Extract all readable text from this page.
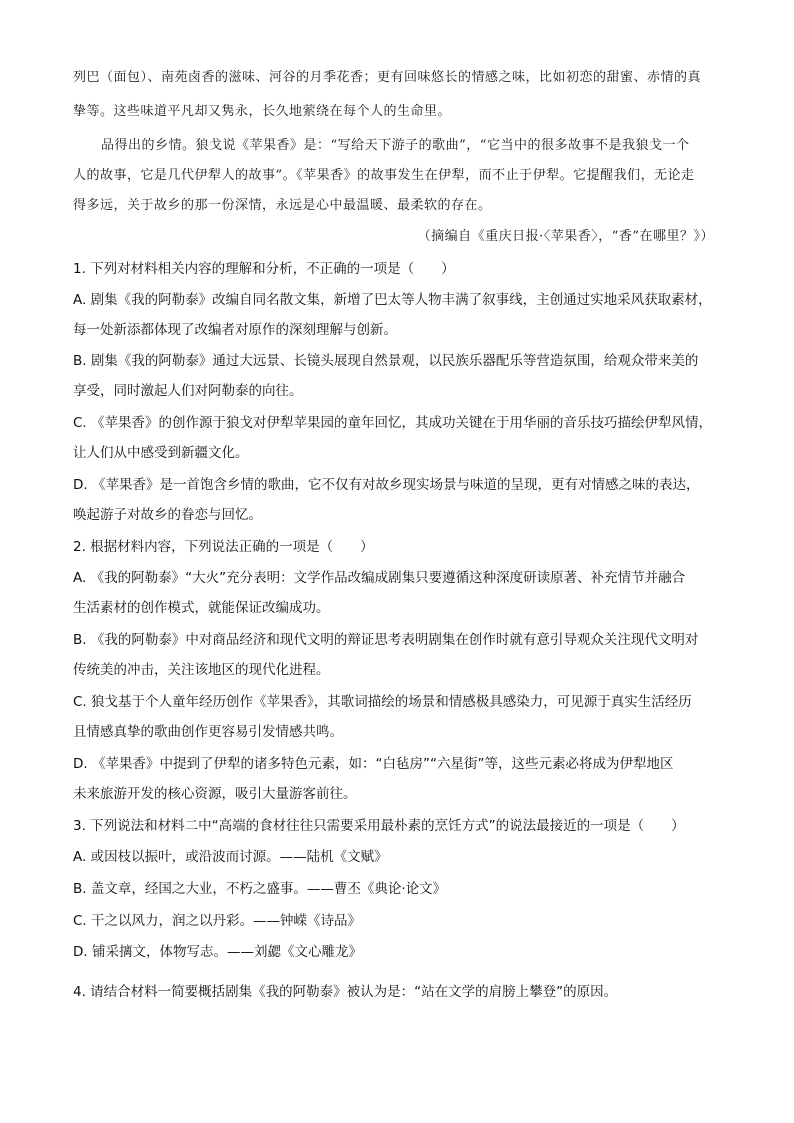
列巴（面包）、南苑卤香的滋味、河谷的月季花香；更有回味悠长的情感之味，比如初恋的甜蜜、赤情的真
挚等。这些味道平凡却又隽永，长久地萦绕在每个人的生命里。
品得出的乡情。狼戈说《苹果香》是：“写给天下游子的歌曲”，“它当中的很多故事不是我狼戈一个
人的故事，它是几代伊犁人的故事”。《苹果香》的故事发生在伊犁，而不止于伊犁。它提醒我们，无论走
得多远，关于故乡的那一份深情，永远是心中最温暖、最柔软的存在。
（摘编自《重庆日报·〈苹果香〉，“香”在哪里？》）
1. 下列对材料相关内容的理解和分析，不正确的一项是（　　）
A. 剧集《我的阿勒泰》改编自同名散文集，新增了巴太等人物丰满了叙事线，主创通过实地采风获取素材，
每一处新添都体现了改编者对原作的深刻理解与创新。
B. 剧集《我的阿勒泰》通过大远景、长镜头展现自然景观，以民族乐器配乐等营造氛围，给观众带来美的
享受，同时激起人们对阿勒泰的向往。
C. 《苹果香》的创作源于狼戈对伊犁苹果园的童年回忆，其成功关键在于用华丽的音乐技巧描绘伊犁风情，
让人们从中感受到新疆文化。
D. 《苹果香》是一首饱含乡情的歌曲，它不仅有对故乡现实场景与味道的呈现，更有对情感之味的表达，
唤起游子对故乡的眷恋与回忆。
2. 根据材料内容，下列说法正确的一项是（　　）
A. 《我的阿勒泰》“大火”充分表明：文学作品改编成剧集只要遵循这种深度研读原著、补充情节并融合
生活素材的创作模式，就能保证改编成功。
B. 《我的阿勒泰》中对商品经济和现代文明的辩证思考表明剧集在创作时就有意引导观众关注现代文明对
传统美的冲击，关注该地区的现代化进程。
C. 狼戈基于个人童年经历创作《苹果香》，其歌词描绘的场景和情感极具感染力，可见源于真实生活经历
且情感真挚的歌曲创作更容易引发情感共鸣。
D. 《苹果香》中提到了伊犁的诸多特色元素，如：“白毡房”“六星街”等，这些元素必将成为伊犁地区
未来旅游开发的核心资源，吸引大量游客前往。
3. 下列说法和材料二中“高端的食材往往只需要采用最朴素的烹饪方式”的说法最接近的一项是（　　）
A. 或因枝以振叶，或沿波而讨源。——陆机《文赋》
B. 盖文章，经国之大业，不朽之盛事。——曹丕《典论·论文》
C. 干之以风力，润之以丹彩。——钟嵘《诗品》
D. 铺采摛文，体物写志。——刘勰《文心雕龙》
4. 请结合材料一简要概括剧集《我的阿勒泰》被认为是：“站在文学的肩膀上攀登”的原因。
